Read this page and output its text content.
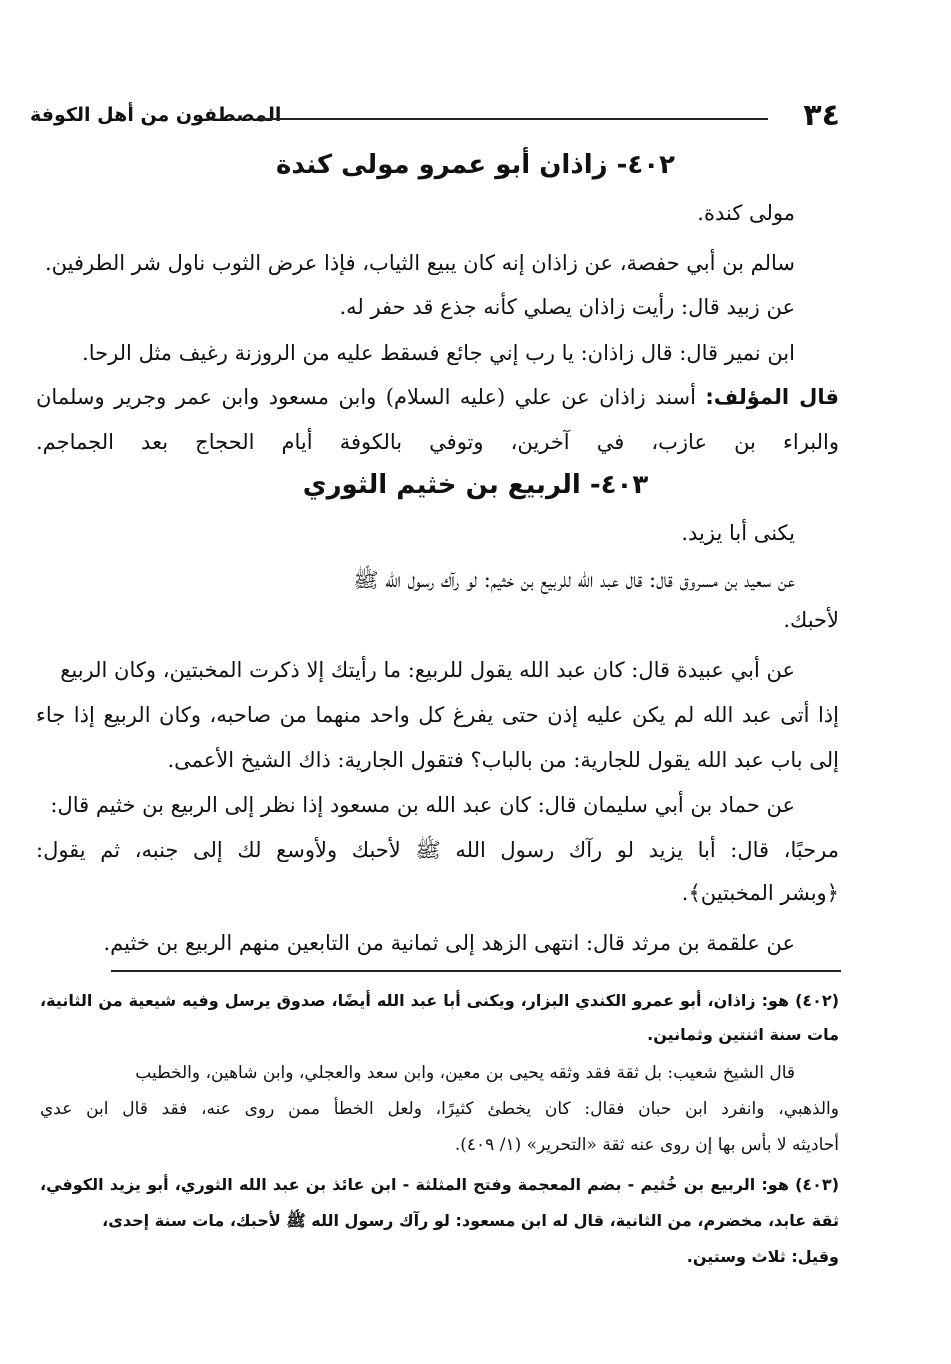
المصطفون من أهل الكوفة	٣٤
٤٠٢- زاذان أبو عمرو مولى كندة
مولى كندة.
سالم بن أبي حفصة، عن زاذان إنه كان يبيع الثياب، فإذا عرض الثوب ناول شر الطرفين.
عن زبيد قال: رأيت زاذان يصلي كأنه جذع قد حفر له.
ابن نمير قال: قال زاذان: يا رب إني جائع فسقط عليه من الروزنة رغيف مثل الرحا.
قال المؤلف: أسند زاذان عن علي (عليه السلام) وابن مسعود وابن عمر وجرير وسلمان
والبراء بن عازب، في آخرين، وتوفي بالكوفة أيام الحجاج بعد الجماجم.
٤٠٣- الربيع بن خثيم الثوري
يكنى أبا يزيد.
عن سعيد بن مسروق قال: قال عبد الله للربيع بن خثيم: لو رآك رسول الله ﷺ
لأحبك.
عن أبي عبيدة قال: كان عبد الله يقول للربيع: ما رأيتك إلا ذكرت المخبتين، وكان الربيع
إذا أتى عبد الله لم يكن عليه إذن حتى يفرغ كل واحد منهما من صاحبه، وكان الربيع إذا جاء
إلى باب عبد الله يقول للجارية: من بالباب؟ فتقول الجارية: ذاك الشيخ الأعمى.
عن حماد بن أبي سليمان قال: كان عبد الله بن مسعود إذا نظر إلى الربيع بن خثيم قال:
مرحبًا، قال: أبا يزيد لو رآك رسول الله ﷺ لأحبك ولأوسع لك إلى جنبه، ثم يقول:
﴿وبشر المخبتين﴾.
عن علقمة بن مرثد قال: انتهى الزهد إلى ثمانية من التابعين منهم الربيع بن خثيم.
(٤٠٢) هو: زاذان، أبو عمرو الكندي البزار، ويكنى أبا عبد الله أيضًا، صدوق يرسل وفيه شيعية من الثانية،
مات سنة اثنتين وثمانين.
قال الشيخ شعيب: بل ثقة فقد وثقه يحيى بن معين، وابن سعد والعجلي، وابن شاهين، والخطيب
والذهبي، وانفرد ابن حبان فقال: كان يخطئ كثيرًا، ولعل الخطأ ممن روى عنه، فقد قال ابن عدي
أحاديثه لا بأس بها إن روى عنه ثقة «التحرير» (١/ ٤٠٩).
(٤٠٣) هو: الربيع بن خُثيم - بضم المعجمة وفتح المثلثة - ابن عائذ بن عبد الله الثوري، أبو يزيد الكوفي،
ثقة عابد، مخضرم، من الثانية، قال له ابن مسعود: لو رآك رسول الله ﷺ لأحبك، مات سنة إحدى،
وقيل: ثلاث وستين.
